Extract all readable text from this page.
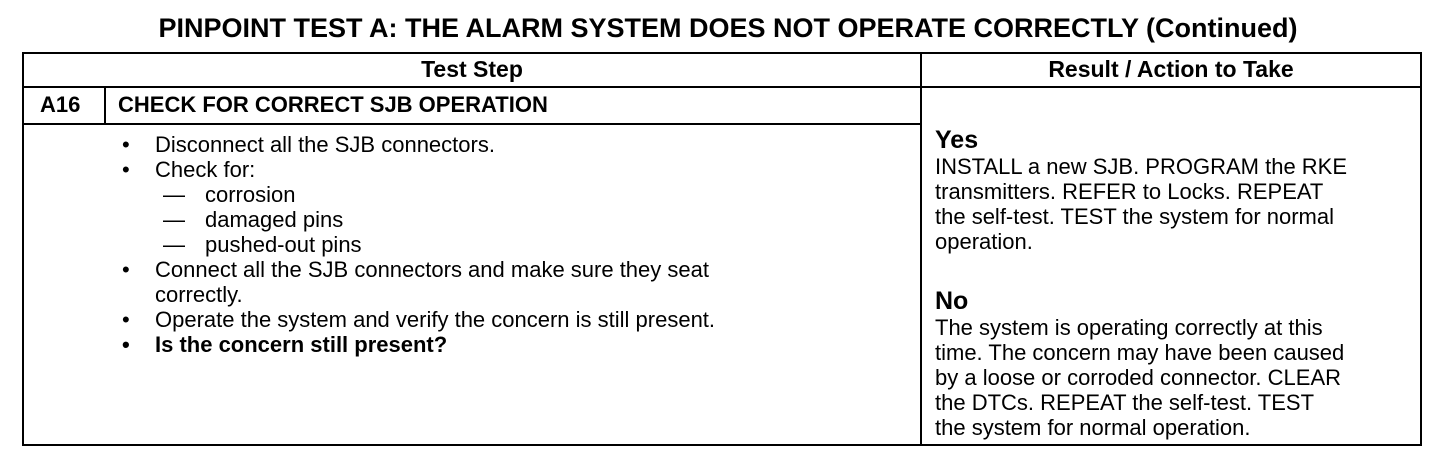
PINPOINT TEST A: THE ALARM SYSTEM DOES NOT OPERATE CORRECTLY (Continued)
Test Step	Result / Action to Take
A16 CHECK FOR CORRECT SJB OPERATION
•	Disconnect all the SJB connectors.
•	Check for:
— corrosion
— damaged pins
— pushed-out pins
•	Connect all the SJB connectors and make sure they seat
correctly.
•	Operate the system and verify the concern is still present.
•	Is the concern still present?
Yes
INSTALL a new SJB. PROGRAM the RKE
transmitters. REFER to Locks. REPEAT
the self-test. TEST the system for normal
operation.
No
The system is operating correctly at this
time. The concern may have been caused
by a loose or corroded connector. CLEAR
the DTCs. REPEAT the self-test. TEST
the system for normal operation.
